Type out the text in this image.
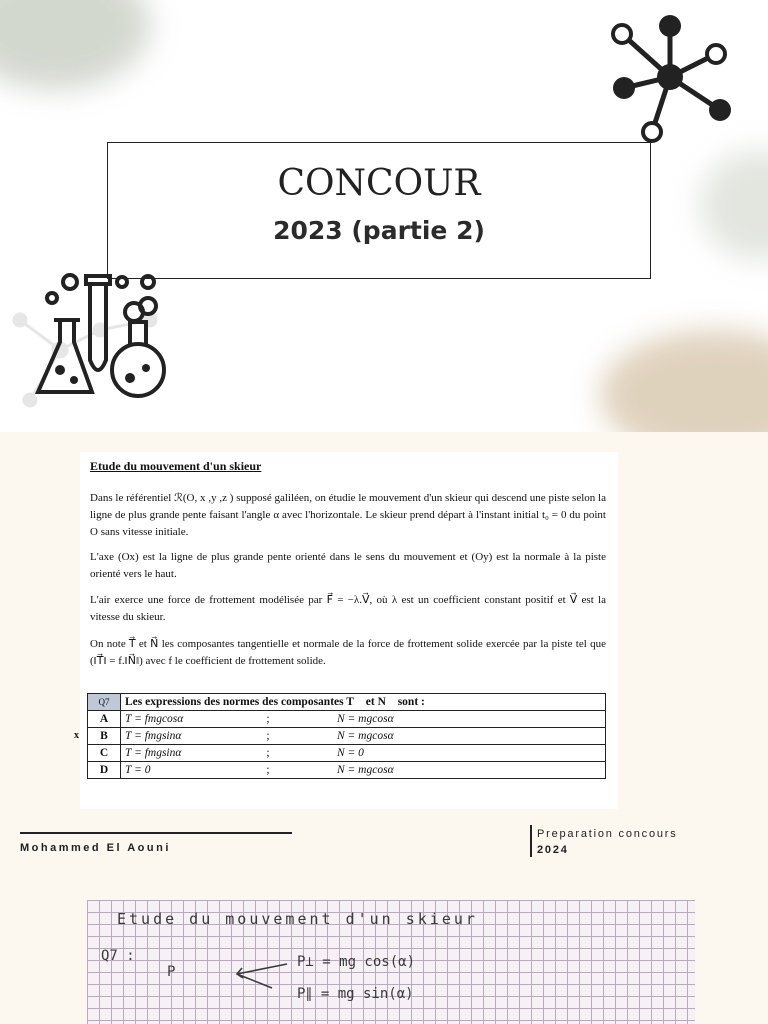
CONCOUR
2023 (partie 2)
Etude du mouvement d'un skieur
Dans le référentiel ℛ(O, x ,y ,z ) supposé galiléen, on étudie le mouvement d'un skieur qui descend une piste selon la ligne de plus grande pente faisant l'angle α avec l'horizontale. Le skieur prend départ à l'instant initial t₀ = 0 du point O sans vitesse initiale.
L'axe (Ox) est la ligne de plus grande pente orienté dans le sens du mouvement et (Oy) est la normale à la piste orienté vers le haut.
L'air exerce une force de frottement modélisée par F⃗ = −λ.V⃗, où λ est un coefficient constant positif et V⃗ est la vitesse du skieur.
On note T⃗ et N⃗ les composantes tangentielle et normale de la force de frottement solide exercée par la piste tel que (‖T⃗‖ = f.‖N⃗‖) avec f le coefficient de frottement solide.
Q7	Les expressions des normes des composantes T⃗ et N⃗ sont :		
A	T = fmgcosα	;	N = mgcosα

x B	T = fmgsinα	;	N = mgcosα
C	T = fmgsinα	;	N = 0
D	T = 0	;	N = mgcosα
Mohammed El Aouni
Preparation concours
2024
Etude du mouvement d'un skieur
Q7 :
P
P⊥ = mg cos(α)
P∥ = mg sin(α)
